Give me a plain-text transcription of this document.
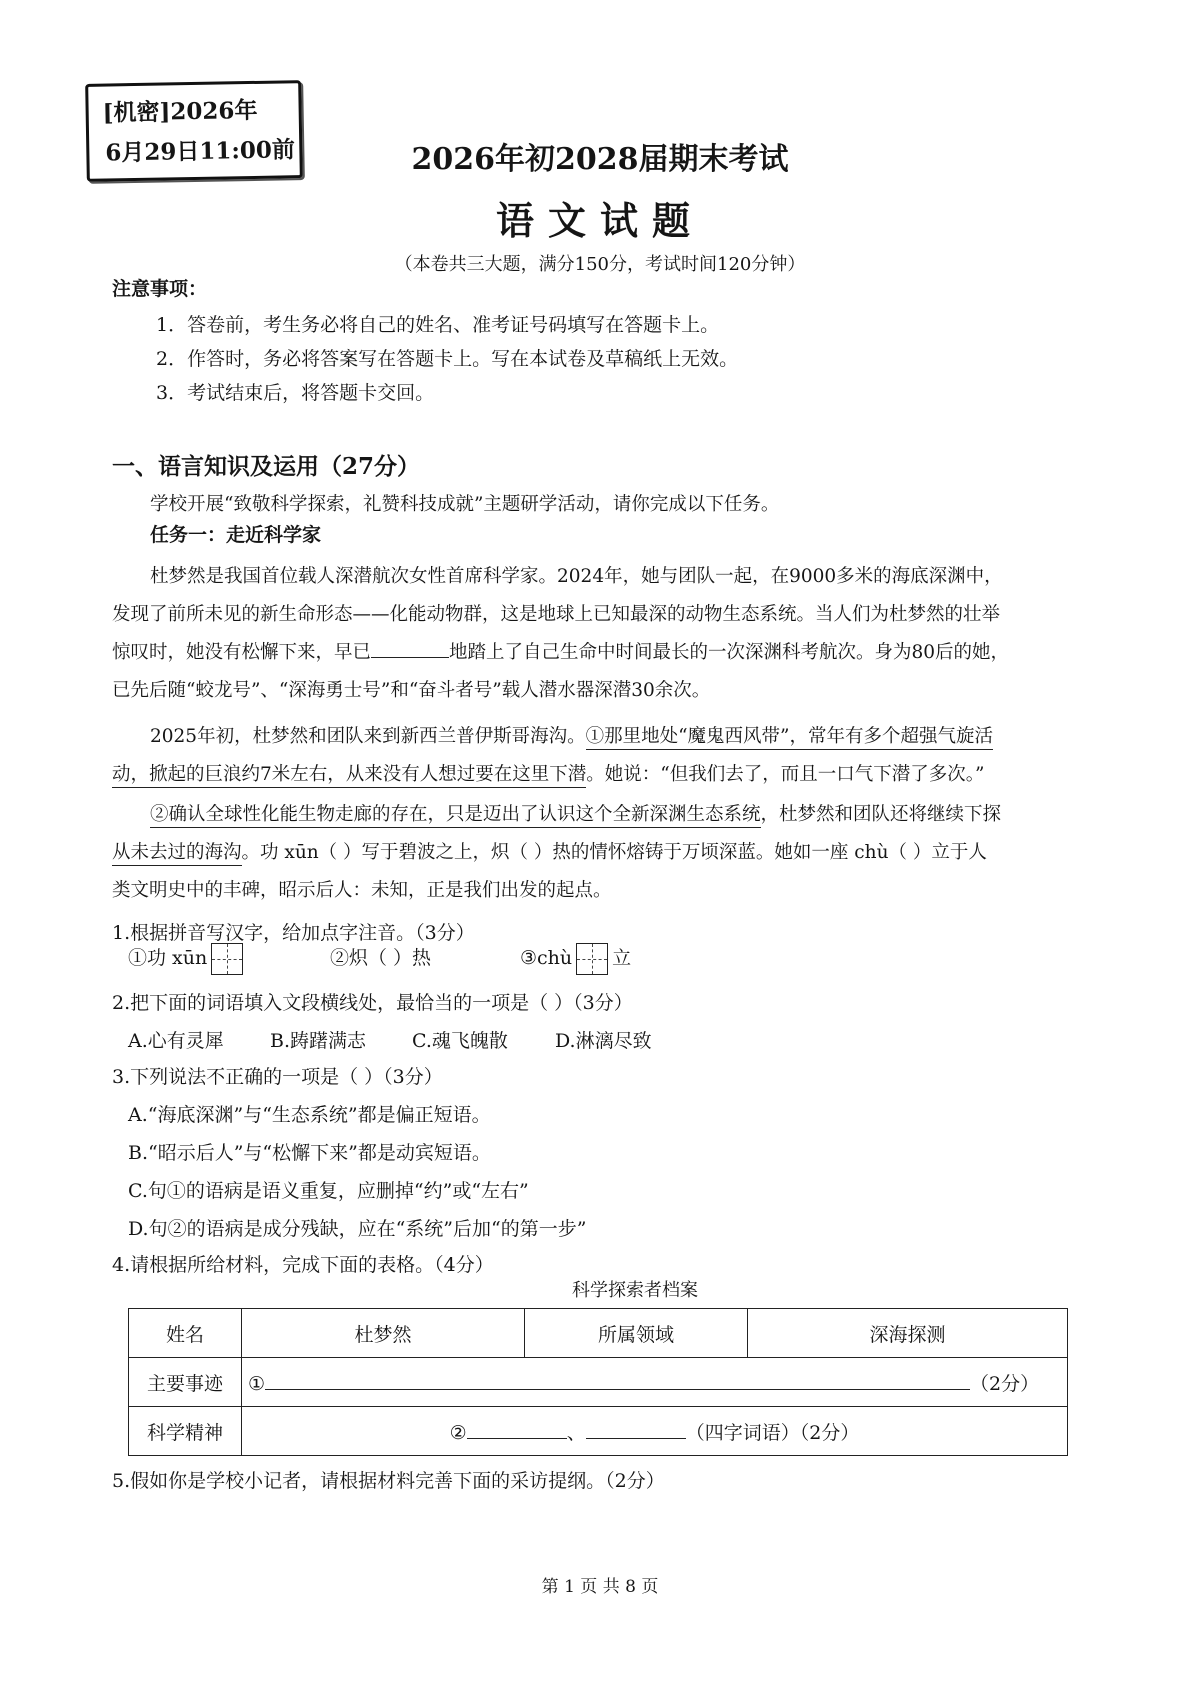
[机密]2026年
6月29日11:00前	2026年初2028届期末考试
语文试题
（本卷共三大题，满分150分，考试时间120分钟）
注意事项：
1．答卷前，考生务必将自己的姓名、准考证号码填写在答题卡上。
2．作答时，务必将答案写在答题卡上。写在本试卷及草稿纸上无效。
3．考试结束后，将答题卡交回。
一、语言知识及运用（27分）
学校开展“致敬科学探索，礼赞科技成就”主题研学活动，请你完成以下任务。
任务一：走近科学家
杜梦然是我国首位载人深潜航次女性首席科学家。2024年，她与团队一起，在9000多米的海底深渊中，
发现了前所未见的新生命形态——化能动物群，这是地球上已知最深的动物生态系统。当人们为杜梦然的壮举
惊叹时，她没有松懈下来，早已	地踏上了自己生命中时间最长的一次深渊科考航次。身为80后的她，
已先后随“蛟龙号”、“深海勇士号”和“奋斗者号”载人潜水器深潜30余次。
2025年初，杜梦然和团队来到新西兰普伊斯哥海沟。①那里地处“魔鬼西风带”，常年有多个超强气旋活
动，掀起的巨浪约7米左右，从来没有人想过要在这里下潜。她说：“但我们去了，而且一口气下潜了多次。”
②确认全球性化能生物走廊的存在，只是迈出了认识这个全新深渊生态系统，杜梦然和团队还将继续下探
从未去过的海沟。功 xūn（ ）写于碧波之上，炽（ ）热的情怀熔铸于万顷深蓝。她如一座 chù（ ）立于人
类文明史中的丰碑，昭示后人：未知，正是我们出发的起点。
1.根据拼音写汉字，给加点字注音。（3分）
①功 xūn	②炽（ ）热	③chù 立
2.把下面的词语填入文段横线处，最恰当的一项是（ ）（3分）
A.心有灵犀 B.踌躇满志 C.魂飞魄散 D.淋漓尽致
3.下列说法不正确的一项是（ ）（3分）
A.“海底深渊”与“生态系统”都是偏正短语。
B.“昭示后人”与“松懈下来”都是动宾短语。
C.句①的语病是语义重复，应删掉“约”或“左右”
D.句②的语病是成分残缺，应在“系统”后加“的第一步”
4.请根据所给材料，完成下面的表格。（4分）
科学探索者档案
姓名	杜梦然	所属领域	深海探测
主要事迹	① （2分）		
科学精神	② 、 （四字词语）（2分）		
5.假如你是学校小记者，请根据材料完善下面的采访提纲。（2分）
第 1 页 共 8 页
